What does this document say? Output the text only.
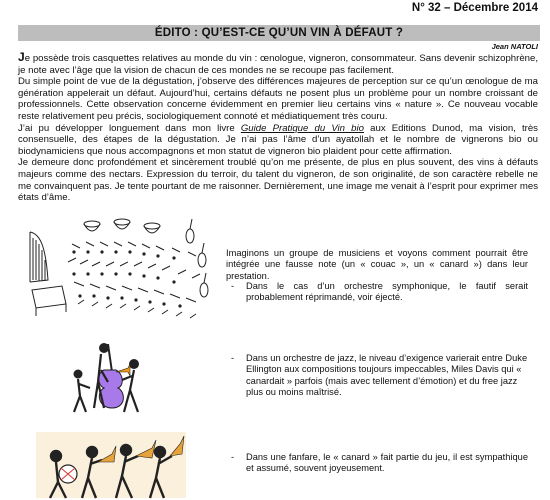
N° 32 – Décembre 2014
ÉDITO : QU’EST-CE QU’UN VIN À DÉFAUT ?
Jean NATOLI

Je possède trois casquettes relatives au monde du vin : œnologue, vigneron, consommateur. Sans devenir schizophrène, je note avec l’âge que la vision de chacun de ces mondes ne se recoupe pas facilement.

Du simple point de vue de la dégustation, j’observe des différences majeures de perception sur ce qu’un œnologue de ma génération appelerait un défaut. Aujourd’hui, certains défauts ne posent plus un problème pour un nombre croissant de professionnels. Cette observation concerne évidemment en premier lieu certains vins « nature ». Ce nouveau vocable reste relativement peu précis, sociologiquement connoté et médiatiquement très couru.

J’ai pu développer longuement dans mon livre Guide Pratique du Vin bio aux Editions Dunod, ma vision, très consensuelle, des étapes de la dégustation. Je n’ai pas l’âme d’un ayatollah et le nombre de vignerons bio ou biodynamiciens que nous accompagnons et mon statut de vigneron bio plaident pour cette affirmation.

Je demeure donc profondément et sincèrement troublé qu’on me présente, de plus en plus souvent, des vins à défauts majeurs comme des nectars. Expression du terroir, du talent du vigneron, de son originalité, de son caractère rebelle ne me convainquent pas. Je tente pourtant de me raisonner. Dernièrement, une image me venait à l’esprit pour exprimer mes états d’âme.

Imaginons un groupe de musiciens et voyons comment pourrait être intégrée une fausse note (un « couac », un « canard ») dans leur prestation.
- Dans le cas d’un orchestre symphonique, le fautif serait probablement réprimandé, voir éjecté.
- Dans un orchestre de jazz, le niveau d’exigence varierait entre Duke Ellington aux compositions toujours impeccables, Miles Davis qui « canardait » parfois (mais avec tellement d’émotion) et du free jazz plus ou moins maîtrisé.
- Dans une fanfare, le « canard » fait partie du jeu, il est sympathique et assumé, souvent joyeusement.
